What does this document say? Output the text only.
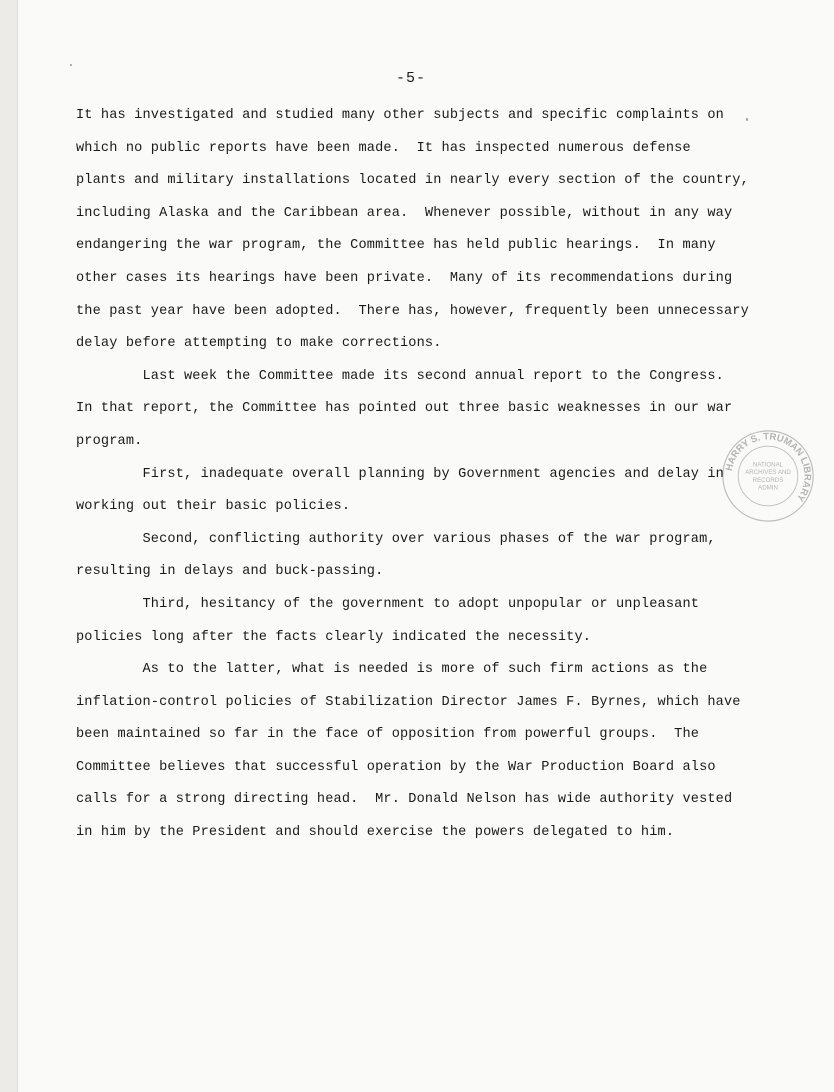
-5-
It has investigated and studied many other subjects and specific complaints on
which no public reports have been made.  It has inspected numerous defense
plants and military installations located in nearly every section of the country,
including Alaska and the Caribbean area.  Whenever possible, without in any way
endangering the war program, the Committee has held public hearings.  In many
other cases its hearings have been private.  Many of its recommendations during
the past year have been adopted.  There has, however, frequently been unnecessary
delay before attempting to make corrections.
Last week the Committee made its second annual report to the Congress.
In that report, the Committee has pointed out three basic weaknesses in our war
program.
First, inadequate overall planning by Government agencies and delay in
working out their basic policies.
Second, conflicting authority over various phases of the war program,
resulting in delays and buck-passing.
Third, hesitancy of the government to adopt unpopular or unpleasant
policies long after the facts clearly indicated the necessity.
As to the latter, what is needed is more of such firm actions as the
inflation-control policies of Stabilization Director James F. Byrnes, which have
been maintained so far in the face of opposition from powerful groups.  The
Committee believes that successful operation by the War Production Board also
calls for a strong directing head.  Mr. Donald Nelson has wide authority vested
in him by the President and should exercise the powers delegated to him.
HARRY S. TRUMAN LIBRARY
NATIONAL
ARCHIVES AND
RECORDS
ADMIN
